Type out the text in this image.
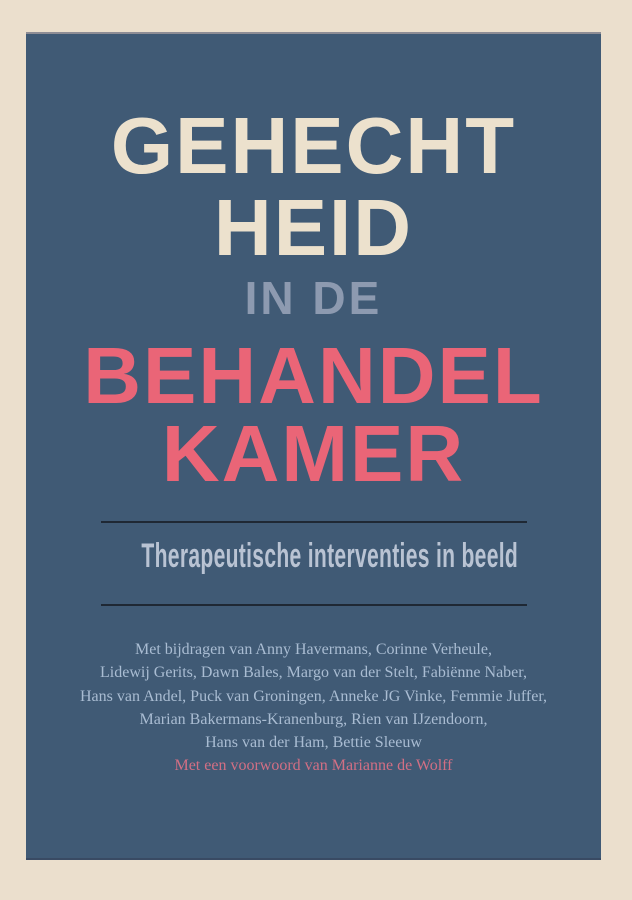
GEHECHT
HEID
IN DE
BEHANDEL
KAMER
Therapeutische interventies in beeld
Met bijdragen van Anny Havermans, Corinne Verheule,
Lidewij Gerits, Dawn Bales, Margo van der Stelt, Fabiënne Naber,
Hans van Andel, Puck van Groningen, Anneke JG Vinke, Femmie Juffer,
Marian Bakermans-Kranenburg, Rien van IJzendoorn,
Hans van der Ham, Bettie Sleeuw
Met een voorwoord van Marianne de Wolff
